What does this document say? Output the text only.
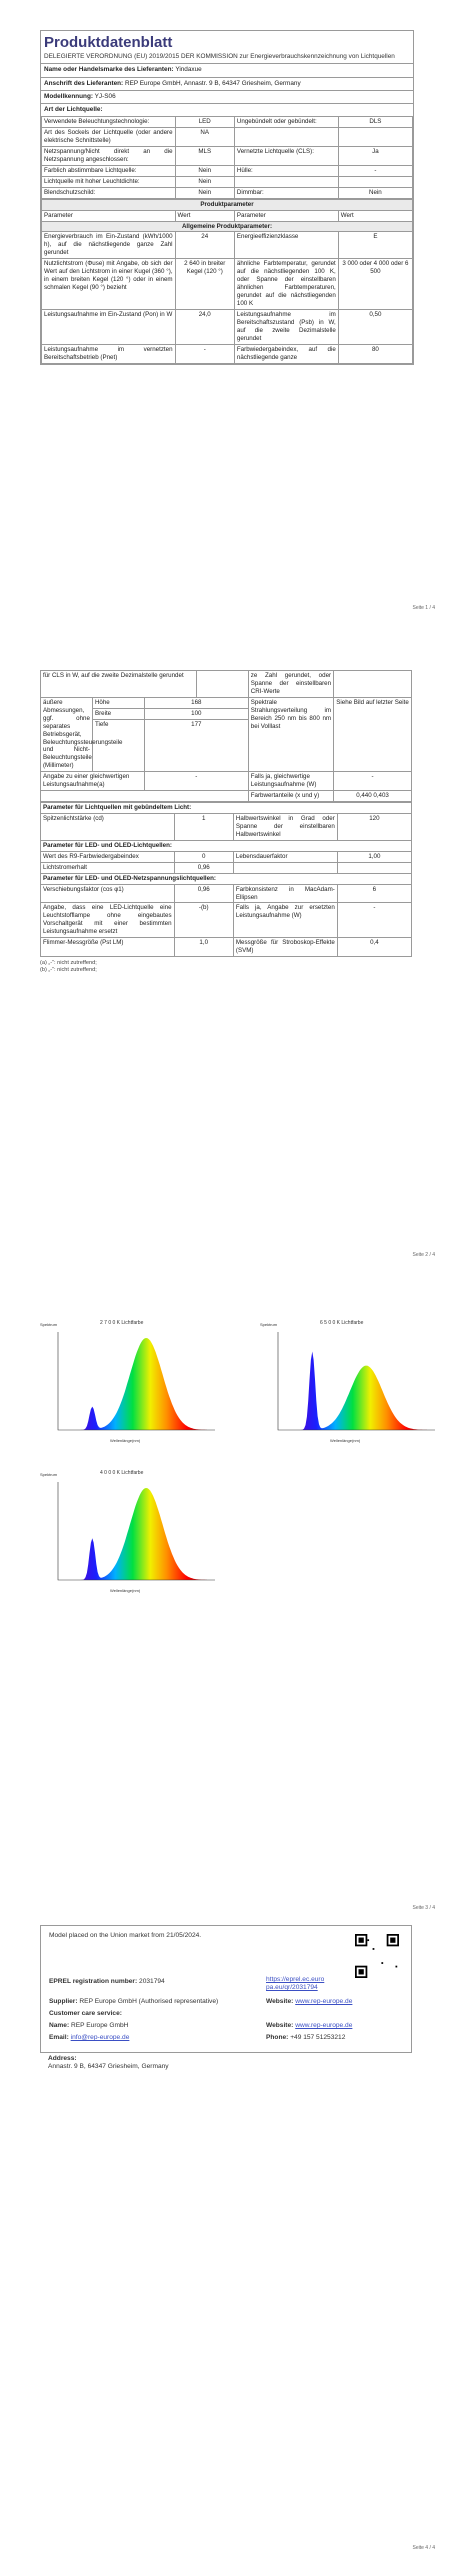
Produktdatenblatt
DELEGIERTE VERORDNUNG (EU) 2019/2015 DER KOMMISSION zur Energieverbrauchskennzeichnung von Lichtquellen
Name oder Handelsmarke des Lieferanten: Yindaxue
Anschrift des Lieferanten: REP Europe GmbH, Annastr. 9 B, 64347 Griesheim, Germany
Modellkennung: YJ-S06
Art der Lichtquelle:
Verwendete Beleuchtungstechnologie:	LED	Ungebündelt oder gebündelt:	DLS
Art des Sockels der Lichtquelle (oder andere elektrische Schnittstelle)	NA		
Netzspannung/Nicht direkt an die Netzspannung angeschlossen:	MLS	Vernetzte Lichtquelle (CLS):	Ja
Farblich abstimmbare Lichtquelle:	Nein	Hülle:	-
Lichtquelle mit hoher Leuchtdichte:	Nein		
Blendschutzschild:	Nein	Dimmbar:	Nein
Produktparameter			
Parameter	Wert	Parameter	Wert
Allgemeine Produktparameter:			
Energieverbrauch im Ein-Zustand (kWh/1000 h), auf die nächstliegende ganze Zahl gerundet	24	Energieeffizienzklasse	E
Nutzlichtstrom (Φuse) mit Angabe, ob sich der Wert auf den Lichtstrom in einer Kugel (360 °), in einem breiten Kegel (120 °) oder in einem schmalen Kegel (90 °) bezieht	2 640 in breiter Kegel (120 °)	ähnliche Farbtemperatur, gerundet auf die nächstliegenden 100 K, oder Spanne der einstellbaren ähnlichen Farbtemperaturen, gerundet auf die nächstliegenden 100 K	3 000 oder 4 000 oder 6 500
Leistungsaufnahme im Ein-Zustand (Pon) in W	24,0	Leistungsaufnahme im Bereitschaftszustand (Psb) in W, auf die zweite Dezimalstelle gerundet	0,50
Leistungsaufnahme im vernetzten Bereitschaftsbetrieb (Pnet)	-	Farbwiedergabeindex, auf die nächstliegende ganze	80
Seite 1 / 4
für CLS in W, auf die zweite Dezimalstelle gerundet				ze Zahl gerundet, oder Spanne der einstellbaren CRI-Werte	
äußere Abmessungen, ggf. ohne separates Betriebsgerät, Beleuchtungssteuerungsteile und Nicht-Beleuchtungsteile (Millimeter)	Höhe	168		Spektrale Strahlungsverteilung im Bereich 250 nm bis 800 nm bei Volllast	Siehe Bild auf letzter Seite
	Breite	100			
	Tiefe	177			
Angabe zu einer gleichwertigen Leistungsaufnahme(a)		-		Falls ja, gleichwertige Leistungsaufnahme (W)	-
				Farbwertanteile (x und y)	0,440 0,403
Parameter für Lichtquellen mit gebündeltem Licht:			
Spitzenlichtstärke (cd)	1	Halbwertswinkel in Grad oder Spanne der einstellbaren Halbwertswinkel	120
Parameter für LED- und OLED-Lichtquellen:			
Wert des R9-Farbwiedergabeindex	0	Lebensdauerfaktor	1,00
Lichtstromerhalt	0,96		
Parameter für LED- und OLED-Netzspannungslichtquellen:			
Verschiebungsfaktor (cos φ1)	0,96	Farbkonsistenz in MacAdam-Ellipsen	6
Angabe, dass eine LED-Lichtquelle eine Leuchtstofflampe ohne eingebautes Vorschaltgerät mit einer bestimmten Leistungsaufnahme ersetzt	-(b)	Falls ja, Angabe zur ersetzten Leistungsaufnahme (W)	-
Flimmer-Messgröße (Pst LM)	1,0	Messgröße für Stroboskop-Effekte (SVM)	0,4
(a) „-“: nicht zutreffend;
(b) „-“: nicht zutreffend;
Seite 2 / 4
2 7 0 0 K Lichtfarbe
Spektrum
Wellenlänge(nm)
6 5 0 0 K Lichtfarbe
Spektrum
Wellenlänge(nm)
4 0 0 0 K Lichtfarbe
Spektrum
Wellenlänge(nm)
Seite 3 / 4
Model placed on the Union market from 21/05/2024.
EPREL registration number: 2031794	https://eprel.ec.europa.eu/qr/2031794
Supplier: REP Europe GmbH (Authorised representative)	Website: www.rep-europe.de
Customer care service:
Name: REP Europe GmbH	Website: www.rep-europe.de
Email: info@rep-europe.de	Phone: +49 157 51253212
Address:
Annastr. 9 B, 64347 Griesheim, Germany
Seite 4 / 4
